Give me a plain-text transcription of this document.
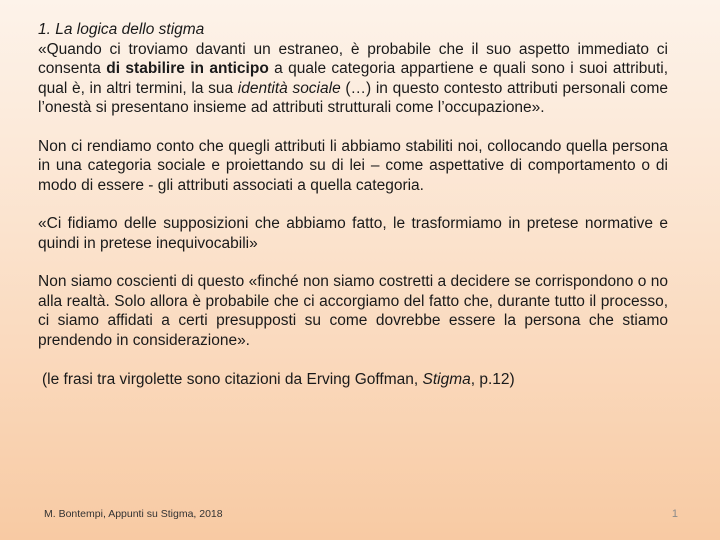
1. La logica dello stigma

«Quando ci troviamo davanti un estraneo, è probabile che il suo aspetto immediato ci consenta di stabilire in anticipo a quale categoria appartiene e quali sono i suoi attributi, qual è, in altri termini, la sua identità sociale (…) in questo contesto attributi personali come l’onestà si presentano insieme ad attributi strutturali come l’occupazione».

Non ci rendiamo conto che quegli attributi li abbiamo stabiliti noi, collocando quella persona in una categoria sociale e proiettando su di lei – come aspettative di comportamento o di modo di essere - gli attributi associati a quella categoria.

«Ci fidiamo delle supposizioni che abbiamo fatto, le trasformiamo in pretese normative e quindi in pretese inequivocabili»

Non siamo coscienti di questo «finché non siamo costretti a decidere se corrispondono o no alla realtà. Solo allora è probabile che ci accorgiamo del fatto che, durante tutto il processo, ci siamo affidati a certi presupposti su come dovrebbe essere la persona che stiamo prendendo in considerazione».

(le frasi tra virgolette sono citazioni da Erving Goffman, Stigma, p.12)

M. Bontempi, Appunti su Stigma, 2018	1
